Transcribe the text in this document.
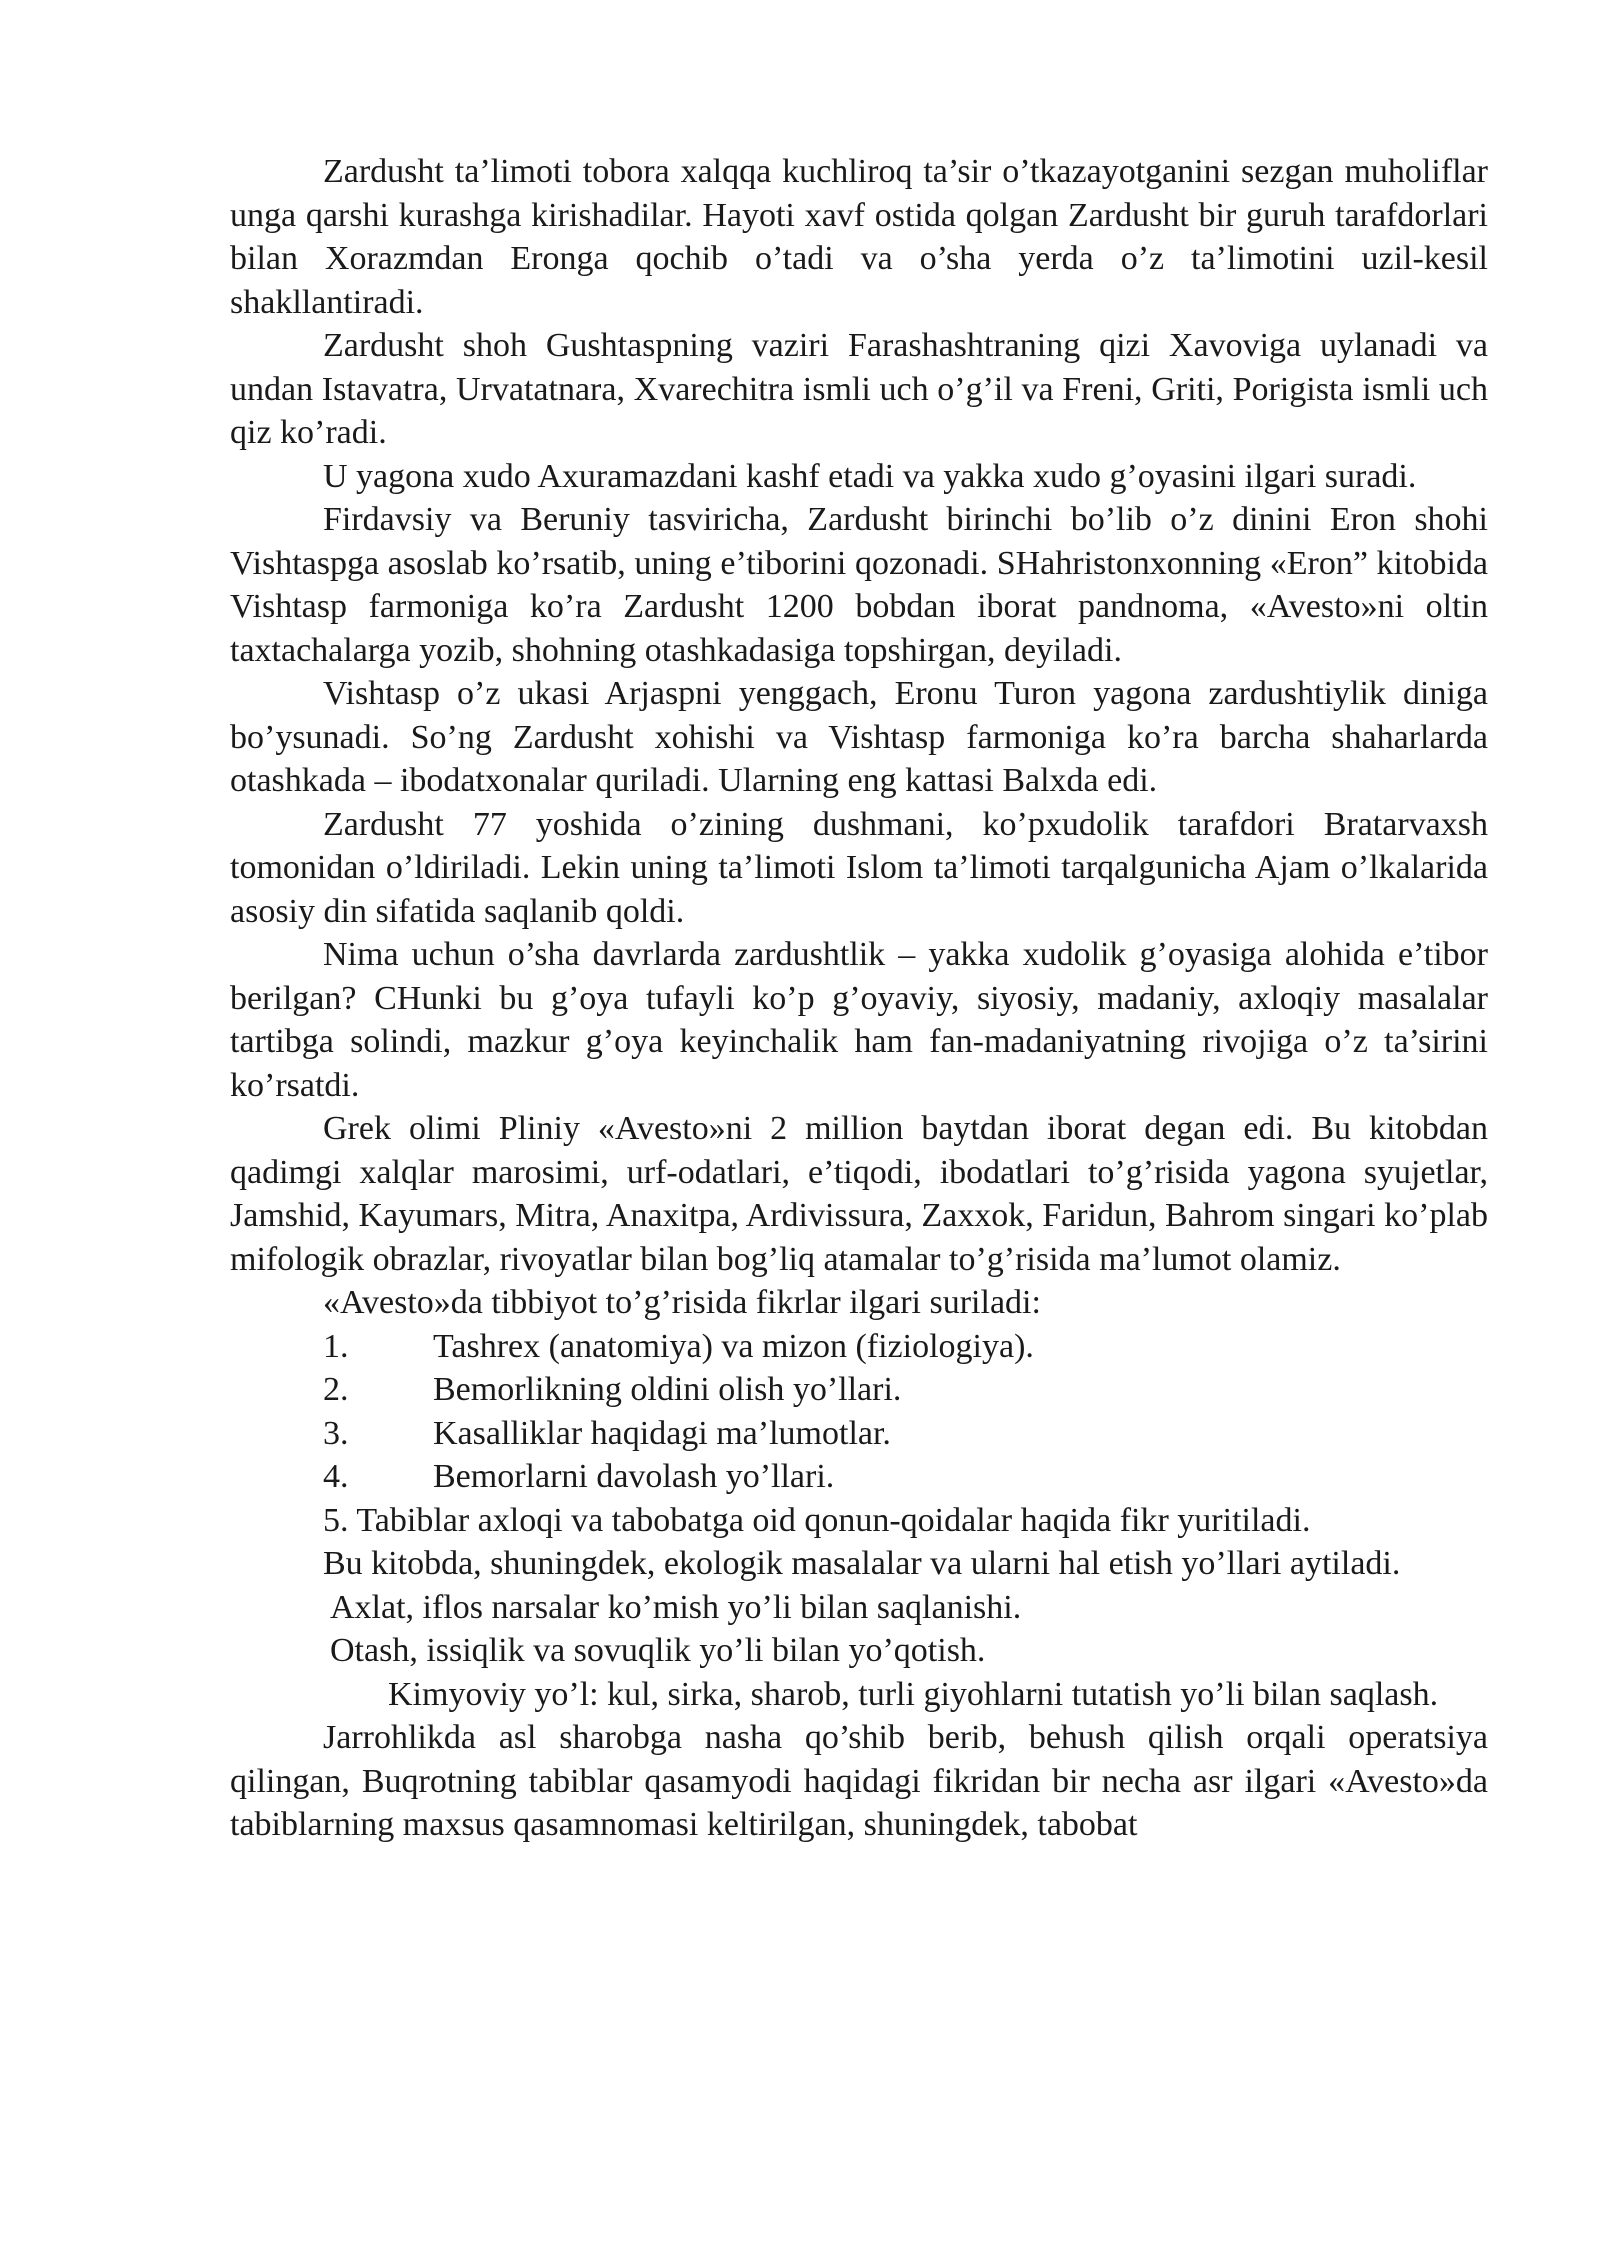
Zardusht ta’limoti tobora xalqqa kuchliroq ta’sir o’tkazayotganini sezgan muholiflar unga qarshi kurashga kirishadilar. Hayoti xavf ostida qolgan Zardusht bir guruh tarafdorlari bilan Xorazmdan Eronga qochib o’tadi va o’sha yerda o’z ta’limotini uzil-kesil shakllantiradi.

Zardusht shoh Gushtaspning vaziri Farashashtraning qizi Xavoviga uylanadi va undan Istavatra, Urvatatnara, Xvarechitra ismli uch o’g’il va Freni, Griti, Porigista ismli uch qiz ko’radi.

U yagona xudo Axuramazdani kashf etadi va yakka xudo g’oyasini ilgari suradi.

Firdavsiy va Beruniy tasviricha, Zardusht birinchi bo’lib o’z dinini Eron shohi Vishtaspga asoslab ko’rsatib, uning e’tiborini qozonadi. SHahristonxonning «Eron” kitobida Vishtasp farmoniga ko’ra Zardusht 1200 bobdan iborat pandnoma, «Avesto»ni oltin taxtachalarga yozib, shohning otashkadasiga topshirgan, deyiladi.

Vishtasp o’z ukasi Arjaspni yenggach, Eronu Turon yagona zardushtiylik diniga bo’ysunadi. So’ng Zardusht xohishi va Vishtasp farmoniga ko’ra barcha shaharlarda otashkada – ibodatxonalar quriladi. Ularning eng kattasi Balxda edi.

Zardusht 77 yoshida o’zining dushmani, ko’pxudolik tarafdori Bratarvaxsh tomonidan o’ldiriladi. Lekin uning ta’limoti Islom ta’limoti tarqalgunicha Ajam o’lkalarida asosiy din sifatida saqlanib qoldi.

Nima uchun o’sha davrlarda zardushtlik – yakka xudolik g’oyasiga alohida e’tibor berilgan? CHunki bu g’oya tufayli ko’p g’oyaviy, siyosiy, madaniy, axloqiy masalalar tartibga solindi, mazkur g’oya keyinchalik ham fan-madaniyatning rivojiga o’z ta’sirini ko’rsatdi.

Grek olimi Pliniy «Avesto»ni 2 million baytdan iborat degan edi. Bu kitobdan qadimgi xalqlar marosimi, urf-odatlari, e’tiqodi, ibodatlari to’g’risida yagona syujetlar, Jamshid, Kayumars, Mitra, Anaxitpa, Ardivissura, Zaxxok, Faridun, Bahrom singari ko’plab mifologik obrazlar, rivoyatlar bilan bog’liq atamalar to’g’risida ma’lumot olamiz.

«Avesto»da tibbiyot to’g’risida fikrlar ilgari suriladi:

1.	Tashrex (anatomiya) va mizon (fiziologiya).
2.	Bemorlikning oldini olish yo’llari.
3.	Kasalliklar haqidagi ma’lumotlar.
4.	Bemorlarni davolash yo’llari.

5. Tabiblar axloqi va tabobatga oid qonun-qoidalar haqida fikr yuritiladi.

Bu kitobda, shuningdek, ekologik masalalar va ularni hal etish yo’llari aytiladi.

Axlat, iflos narsalar ko’mish yo’li bilan saqlanishi.

Otash, issiqlik va sovuqlik yo’li bilan yo’qotish.

Kimyoviy yo’l: kul, sirka, sharob, turli giyohlarni tutatish yo’li bilan saqlash.

Jarrohlikda asl sharobga nasha qo’shib berib, behush qilish orqali operatsiya qilingan, Buqrotning tabiblar qasamyodi haqidagi fikridan bir necha asr ilgari «Avesto»da tabiblarning maxsus qasamnomasi keltirilgan, shuningdek, tabobat
